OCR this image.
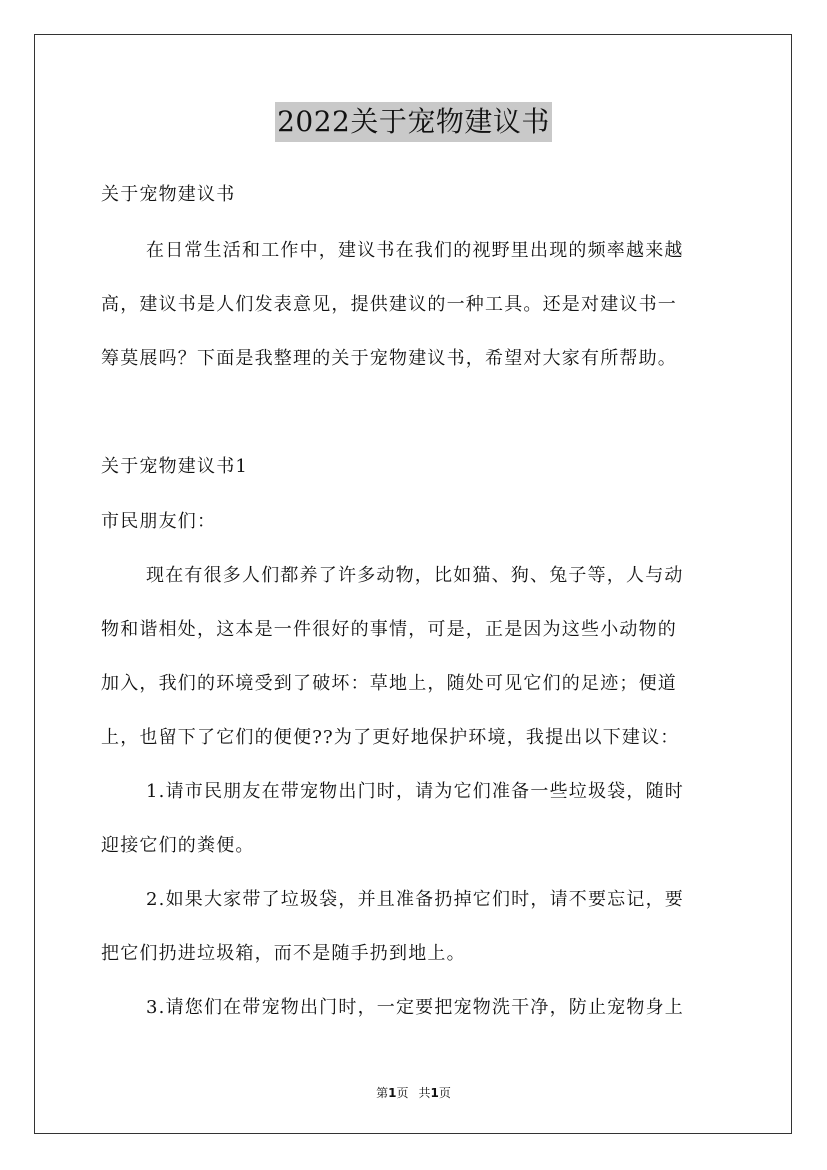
2022关于宠物建议书
关于宠物建议书
在日常生活和工作中，建议书在我们的视野里出现的频率越来越
高，建议书是人们发表意见，提供建议的一种工具。还是对建议书一
筹莫展吗？下面是我整理的关于宠物建议书，希望对大家有所帮助。
关于宠物建议书1
市民朋友们：
现在有很多人们都养了许多动物，比如猫、狗、兔子等，人与动
物和谐相处，这本是一件很好的事情，可是，正是因为这些小动物的
加入，我们的环境受到了破坏：草地上，随处可见它们的足迹；便道
上，也留下了它们的便便??为了更好地保护环境，我提出以下建议：
1.请市民朋友在带宠物出门时，请为它们准备一些垃圾袋，随时
迎接它们的粪便。
2.如果大家带了垃圾袋，并且准备扔掉它们时，请不要忘记，要
把它们扔进垃圾箱，而不是随手扔到地上。
3.请您们在带宠物出门时，一定要把宠物洗干净，防止宠物身上
第1页 共1页
